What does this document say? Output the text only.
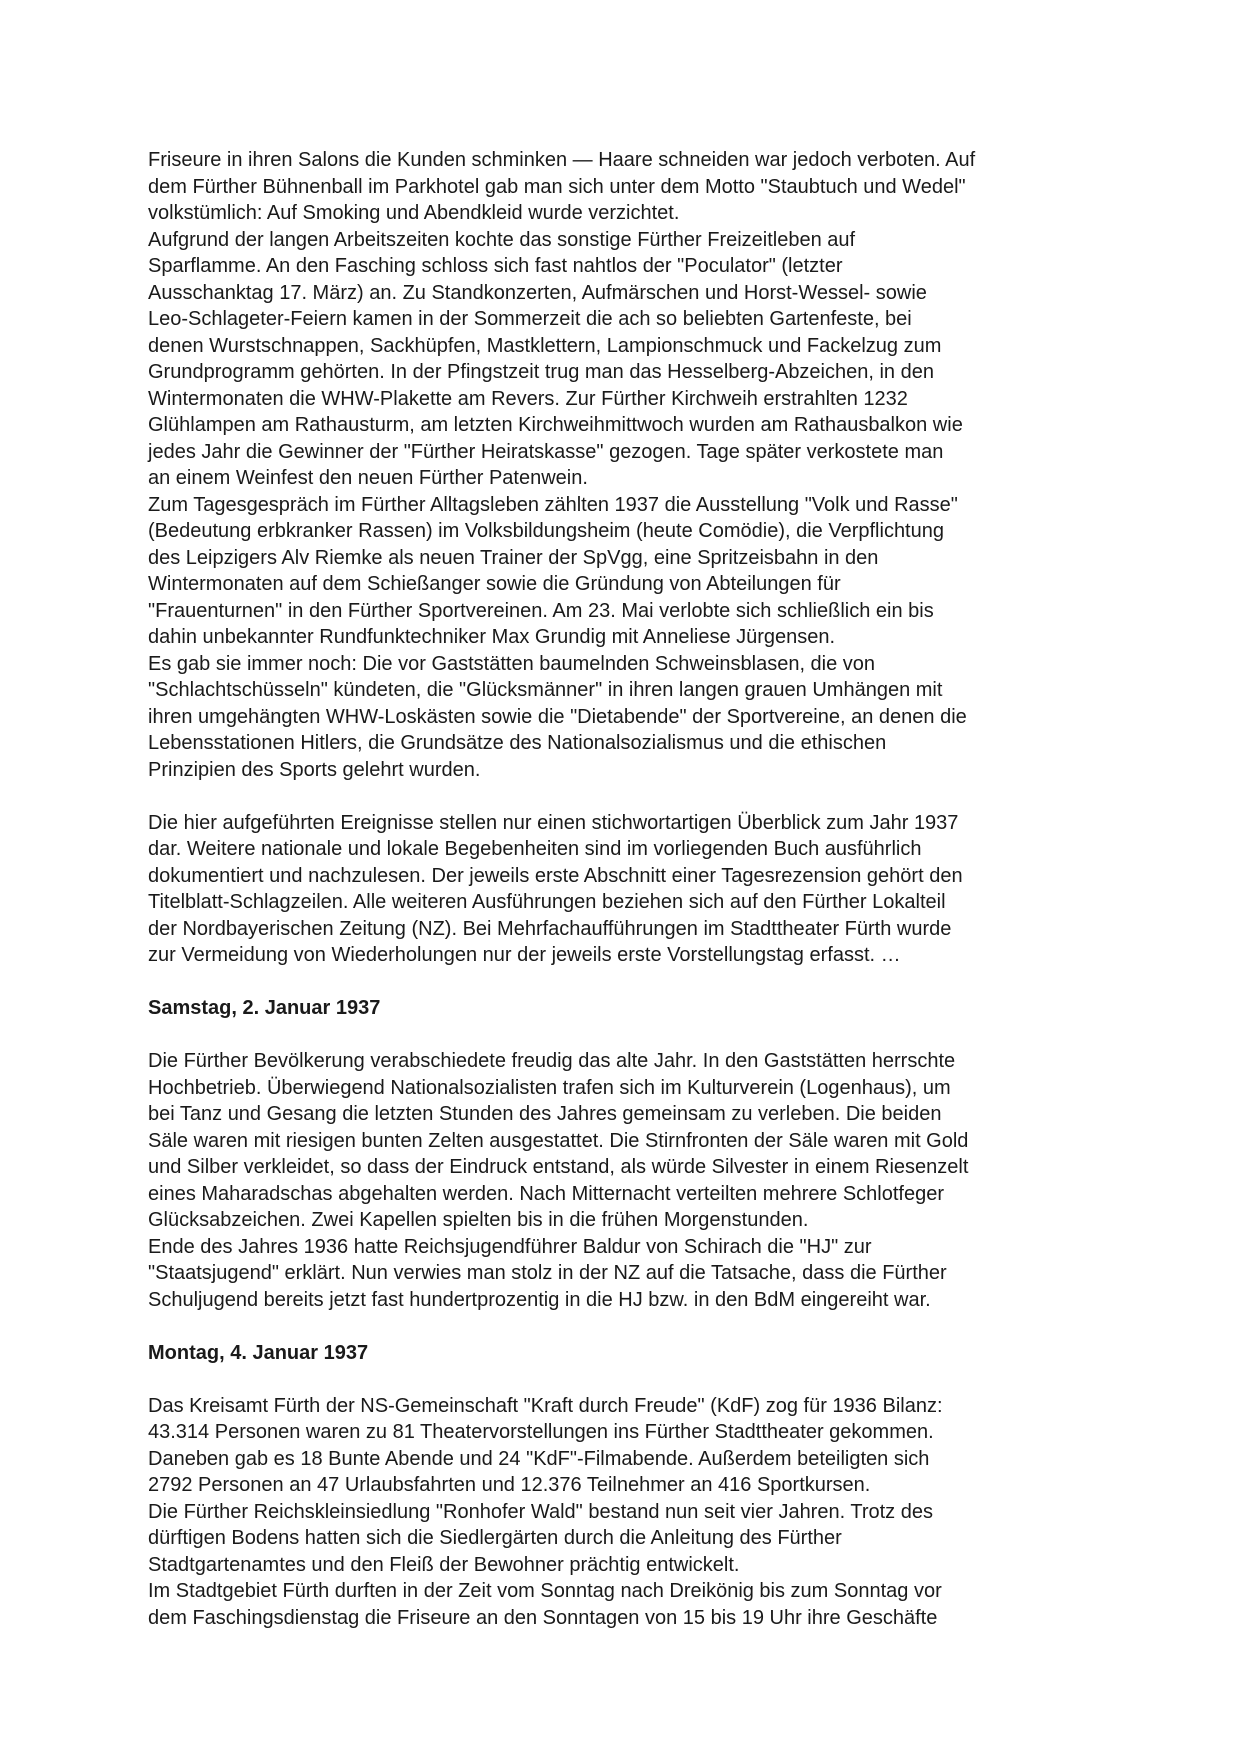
Friseure in ihren Salons die Kunden schminken — Haare schneiden war jedoch verboten. Auf
dem Fürther Bühnenball im Parkhotel gab man sich unter dem Motto "Staubtuch und Wedel"
volkstümlich: Auf Smoking und Abendkleid wurde verzichtet.
Aufgrund der langen Arbeitszeiten kochte das sonstige Fürther Freizeitleben auf
Sparflamme. An den Fasching schloss sich fast nahtlos der "Poculator" (letzter
Ausschanktag 17. März) an. Zu Standkonzerten, Aufmärschen und Horst-Wessel- sowie
Leo-Schlageter-Feiern kamen in der Sommerzeit die ach so beliebten Gartenfeste, bei
denen Wurstschnappen, Sackhüpfen, Mastklettern, Lampionschmuck und Fackelzug zum
Grundprogramm gehörten. In der Pfingstzeit trug man das Hesselberg-Abzeichen, in den
Wintermonaten die WHW-Plakette am Revers. Zur Fürther Kirchweih erstrahlten 1232
Glühlampen am Rathausturm, am letzten Kirchweihmittwoch wurden am Rathausbalkon wie
jedes Jahr die Gewinner der "Fürther Heiratskasse" gezogen. Tage später verkostete man
an einem Weinfest den neuen Fürther Patenwein.
Zum Tagesgespräch im Fürther Alltagsleben zählten 1937 die Ausstellung "Volk und Rasse"
(Bedeutung erbkranker Rassen) im Volksbildungsheim (heute Comödie), die Verpflichtung
des Leipzigers Alv Riemke als neuen Trainer der SpVgg, eine Spritzeisbahn in den
Wintermonaten auf dem Schießanger sowie die Gründung von Abteilungen für
"Frauenturnen" in den Fürther Sportvereinen. Am 23. Mai verlobte sich schließlich ein bis
dahin unbekannter Rundfunktechniker Max Grundig mit Anneliese Jürgensen.
Es gab sie immer noch: Die vor Gaststätten baumelnden Schweinsblasen, die von
"Schlachtschüsseln" kündeten, die "Glücksmänner" in ihren langen grauen Umhängen mit
ihren umgehängten WHW-Loskästen sowie die "Dietabende" der Sportvereine, an denen die
Lebensstationen Hitlers, die Grundsätze des Nationalsozialismus und die ethischen
Prinzipien des Sports gelehrt wurden.
Die hier aufgeführten Ereignisse stellen nur einen stichwortartigen Überblick zum Jahr 1937
dar. Weitere nationale und lokale Begebenheiten sind im vorliegenden Buch ausführlich
dokumentiert und nachzulesen. Der jeweils erste Abschnitt einer Tagesrezension gehört den
Titelblatt-Schlagzeilen. Alle weiteren Ausführungen beziehen sich auf den Fürther Lokalteil
der Nordbayerischen Zeitung (NZ). Bei Mehrfachaufführungen im Stadttheater Fürth wurde
zur Vermeidung von Wiederholungen nur der jeweils erste Vorstellungstag erfasst. …
Samstag, 2. Januar 1937
Die Fürther Bevölkerung verabschiedete freudig das alte Jahr. In den Gaststätten herrschte
Hochbetrieb. Überwiegend Nationalsozialisten trafen sich im Kulturverein (Logenhaus), um
bei Tanz und Gesang die letzten Stunden des Jahres gemeinsam zu verleben. Die beiden
Säle waren mit riesigen bunten Zelten ausgestattet. Die Stirnfronten der Säle waren mit Gold
und Silber verkleidet, so dass der Eindruck entstand, als würde Silvester in einem Riesenzelt
eines Maharadschas abgehalten werden. Nach Mitternacht verteilten mehrere Schlotfeger
Glücksabzeichen. Zwei Kapellen spielten bis in die frühen Morgenstunden.
Ende des Jahres 1936 hatte Reichsjugendführer Baldur von Schirach die "HJ" zur
"Staatsjugend" erklärt. Nun verwies man stolz in der NZ auf die Tatsache, dass die Fürther
Schuljugend bereits jetzt fast hundertprozentig in die HJ bzw. in den BdM eingereiht war.
Montag, 4. Januar 1937
Das Kreisamt Fürth der NS-Gemeinschaft "Kraft durch Freude" (KdF) zog für 1936 Bilanz:
43.314 Personen waren zu 81 Theatervorstellungen ins Fürther Stadttheater gekommen.
Daneben gab es 18 Bunte Abende und 24 "KdF"-Filmabende. Außerdem beteiligten sich
2792 Personen an 47 Urlaubsfahrten und 12.376 Teilnehmer an 416 Sportkursen.
Die Fürther Reichskleinsiedlung "Ronhofer Wald" bestand nun seit vier Jahren. Trotz des
dürftigen Bodens hatten sich die Siedlergärten durch die Anleitung des Fürther
Stadtgartenamtes und den Fleiß der Bewohner prächtig entwickelt.
Im Stadtgebiet Fürth durften in der Zeit vom Sonntag nach Dreikönig bis zum Sonntag vor
dem Faschingsdienstag die Friseure an den Sonntagen von 15 bis 19 Uhr ihre Geschäfte
